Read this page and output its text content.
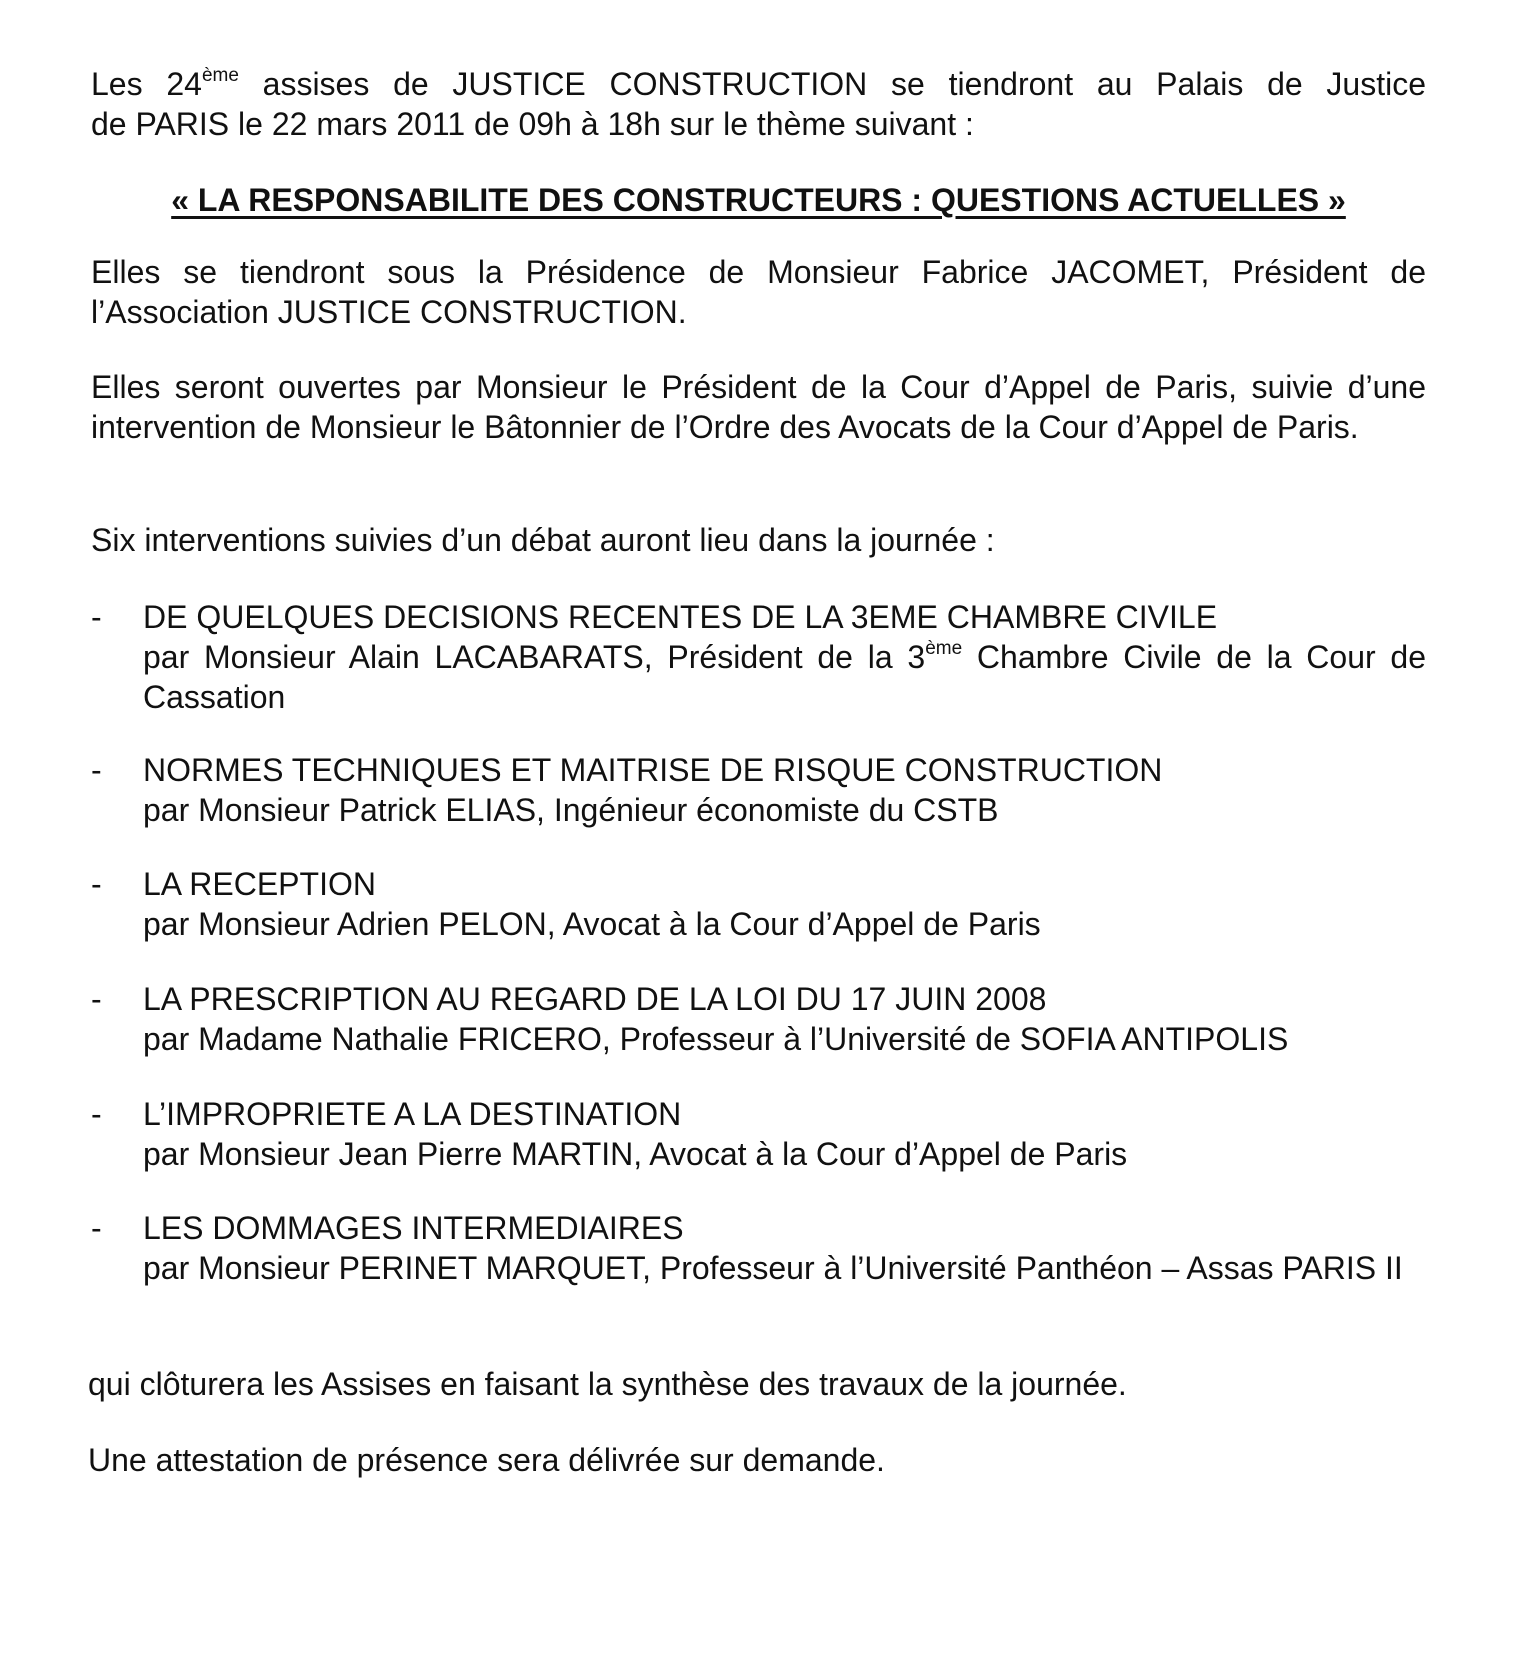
Les 24ème assises de JUSTICE CONSTRUCTION se tiendront au Palais de Justice
de PARIS le 22 mars 2011 de 09h à 18h sur le thème suivant :
« LA RESPONSABILITE DES CONSTRUCTEURS : QUESTIONS ACTUELLES »
Elles se tiendront sous la Présidence de Monsieur Fabrice JACOMET, Président de l’Association JUSTICE CONSTRUCTION.
Elles seront ouvertes par Monsieur le Président de la Cour d’Appel de Paris, suivie d’une intervention de Monsieur le Bâtonnier de l’Ordre des Avocats de la Cour d’Appel de Paris.
Six interventions suivies d’un débat auront lieu dans la journée :
-	DE QUELQUES DECISIONS RECENTES DE LA 3EME CHAMBRE CIVILE
par Monsieur Alain LACABARATS, Président de la 3ème Chambre Civile de la Cour de Cassation
-	NORMES TECHNIQUES ET MAITRISE DE RISQUE CONSTRUCTION
par Monsieur Patrick ELIAS, Ingénieur économiste du CSTB
-	LA RECEPTION
par Monsieur Adrien PELON, Avocat à la Cour d’Appel de Paris
-	LA PRESCRIPTION AU REGARD DE LA LOI DU 17 JUIN 2008
par Madame Nathalie FRICERO, Professeur à l’Université de SOFIA ANTIPOLIS
-	L’IMPROPRIETE A LA DESTINATION
par Monsieur Jean Pierre MARTIN, Avocat à la Cour d’Appel de Paris
-	LES DOMMAGES INTERMEDIAIRES
par Monsieur PERINET MARQUET, Professeur à l’Université Panthéon – Assas PARIS II
qui clôturera les Assises en faisant la synthèse des travaux de la journée.
Une attestation de présence sera délivrée sur demande.
